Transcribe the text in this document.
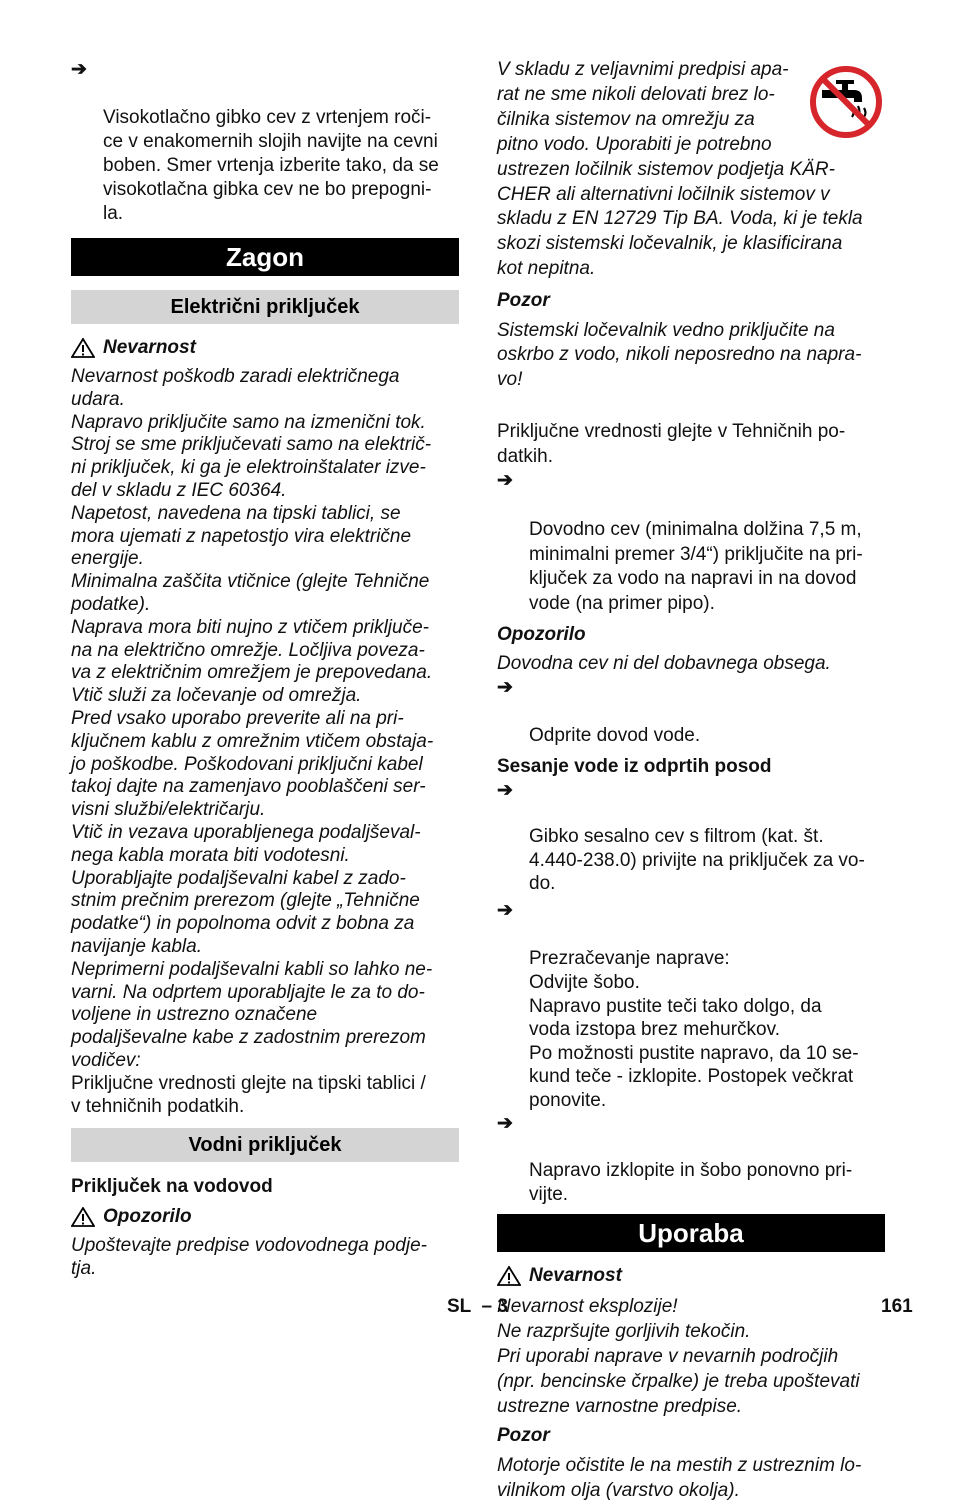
➔

Visokotlačno gibko cev z vrtenjem roči-
ce v enakomernih slojih navijte na cevni
boben. Smer vrtenja izberite tako, da se
visokotlačna gibka cev ne bo prepogni-
la.

Zagon
Električni priključek
Nevarnost

Nevarnost poškodb zaradi električnega
udara.
Napravo priključite samo na izmenični tok.
Stroj se sme priključevati samo na električ-
ni priključek, ki ga je elektroinštalater izve-
del v skladu z IEC 60364.
Napetost, navedena na tipski tablici, se
mora ujemati z napetostjo vira električne
energije.
Minimalna zaščita vtičnice (glejte Tehnične
podatke).
Naprava mora biti nujno z vtičem priključe-
na na električno omrežje. Ločljiva poveza-
va z električnim omrežjem je prepovedana.
Vtič služi za ločevanje od omrežja.
Pred vsako uporabo preverite ali na pri-
ključnem kablu z omrežnim vtičem obstaja-
jo poškodbe. Poškodovani priključni kabel
takoj dajte na zamenjavo pooblaščeni ser-
visni službi/električarju.
Vtič in vezava uporabljenega podaljševal-
nega kabla morata biti vodotesni.
Uporabljajte podaljševalni kabel z zado-
stnim prečnim prerezom (glejte „Tehnične
podatke“) in popolnoma odvit z bobna za
navijanje kabla.
Neprimerni podaljševalni kabli so lahko ne-
varni. Na odprtem uporabljajte le za to do-
voljene in ustrezno označene
podaljševalne kabe z zadostnim prerezom
vodičev:

Priključne vrednosti glejte na tipski tablici /
v tehničnih podatkih.

Vodni priključek

Priključek na vodovod

Opozorilo

Upoštevajte predpise vodovodnega podje-
tja.

V skladu z veljavnimi predpisi apa-
rat ne sme nikoli delovati brez lo-
čilnika sistemov na omrežju za
pitno vodo. Uporabiti je potrebno
ustrezen ločilnik sistemov podjetja KÄR-
CHER ali alternativni ločilnik sistemov v
skladu z EN 12729 Tip BA. Voda, ki je tekla
skozi sistemski ločevalnik, je klasificirana
kot nepitna.

Pozor

Sistemski ločevalnik vedno priključite na
oskrbo z vodo, nikoli neposredno na napra-
vo!

Priključne vrednosti glejte v Tehničnih po-
datkih.

➔

Dovodno cev (minimalna dolžina 7,5 m,
minimalni premer 3/4“) priključite na pri-
ključek za vodo na napravi in na dovod
vode (na primer pipo).

Opozorilo

Dovodna cev ni del dobavnega obsega.

➔

Odprite dovod vode.

Sesanje vode iz odprtih posod

➔

Gibko sesalno cev s filtrom (kat. št.
4.440-238.0) privijte na priključek za vo-
do.

➔

Prezračevanje naprave:

Odvijte šobo.

Napravo pustite teči tako dolgo, da
voda izstopa brez mehurčkov.

Po možnosti pustite napravo, da 10 se-
kund teče - izklopite. Postopek večkrat
ponovite.

➔

Napravo izklopite in šobo ponovno pri-
vijte.

Uporaba
Nevarnost

Nevarnost eksplozije!
Ne razpršujte gorljivih tekočin.
Pri uporabi naprave v nevarnih področjih
(npr. bencinske črpalke) je treba upoštevati
ustrezne varnostne predpise.

Pozor

Motorje očistite le na mestih z ustreznim lo-
vilnikom olja (varstvo okolja).

SL  – 3	161
